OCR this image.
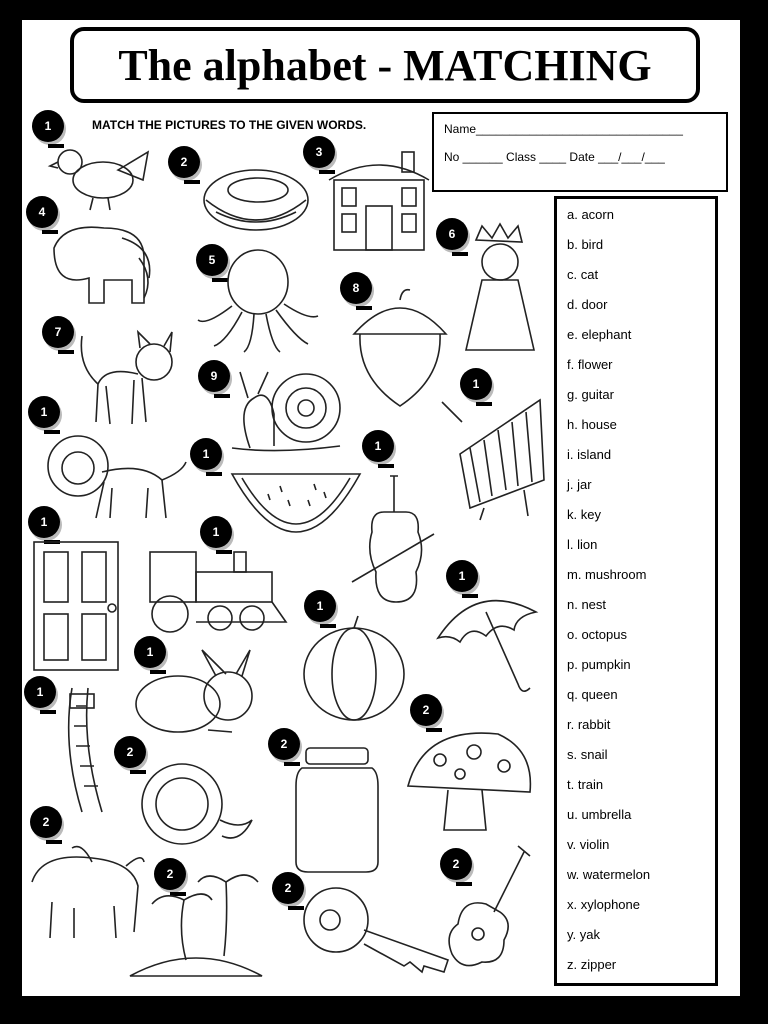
The alphabet - MATCHING
MATCH THE PICTURES TO THE GIVEN WORDS.	Name_______________________________
No ______ Class ____ Date ___/___/___
a. acorn
b. bird
c. cat
d. door
e. elephant
f. flower
g. guitar
h. house
i. island
j. jar
k. key
l. lion
m. mushroom
n. nest
o. octopus
p. pumpkin
q. queen
r. rabbit
s. snail
t. train
u. umbrella
v. violin
w. watermelon
x. xylophone
y. yak
z. zipper
1
2
3
4
5
6
7
8
9
1
1
1
1
1
1
1
1
1
1
2
2
2
2
2
2
2
